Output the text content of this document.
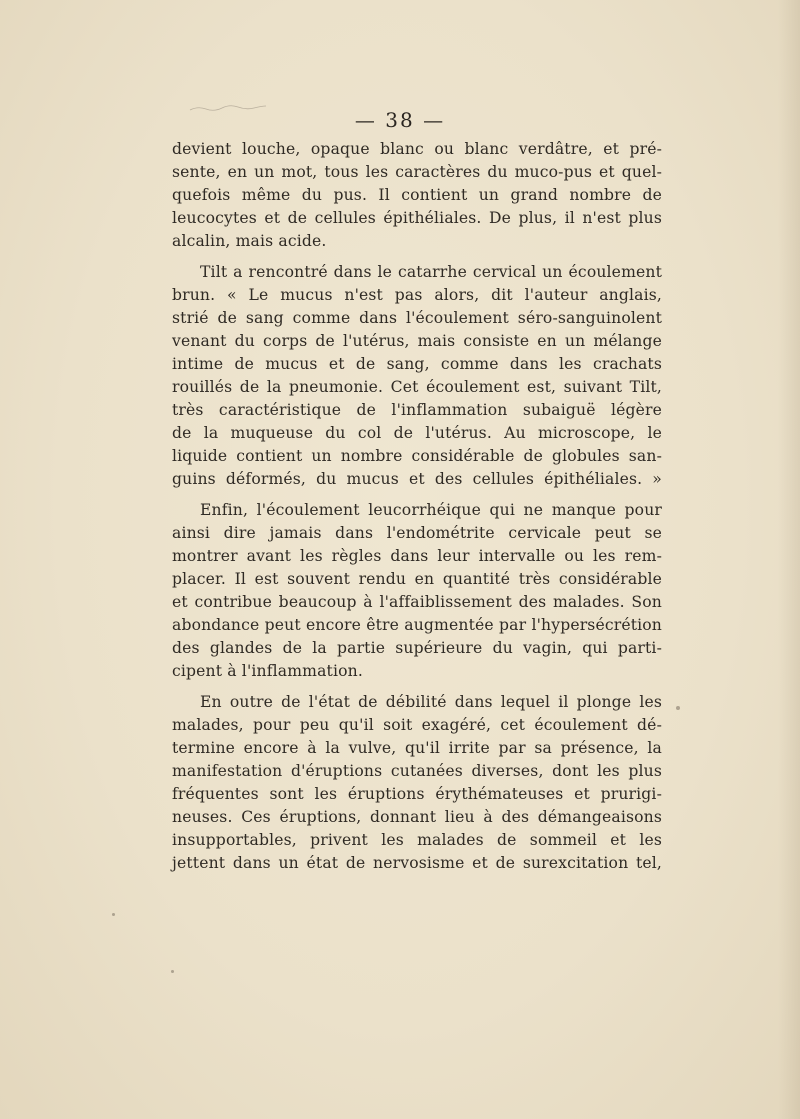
— 38 —
devient louche, opaque blanc ou blanc verdâtre, et pré-
sente, en un mot, tous les caractères du muco-pus et quel-
quefois même du pus. Il contient un grand nombre de
leucocytes et de cellules épithéliales. De plus, il n'est plus
alcalin, mais acide.
Tilt a rencontré dans le catarrhe cervical un écoulement
brun. « Le mucus n'est pas alors, dit l'auteur anglais,
strié de sang comme dans l'écoulement séro-sanguinolent
venant du corps de l'utérus, mais consiste en un mélange
intime de mucus et de sang, comme dans les crachats
rouillés de la pneumonie. Cet écoulement est, suivant Tilt,
très caractéristique de l'inflammation subaiguë légère
de la muqueuse du col de l'utérus. Au microscope, le
liquide contient un nombre considérable de globules san-
guins déformés, du mucus et des cellules épithéliales. »
Enfin, l'écoulement leucorrhéique qui ne manque pour
ainsi dire jamais dans l'endométrite cervicale peut se
montrer avant les règles dans leur intervalle ou les rem-
placer. Il est souvent rendu en quantité très considérable
et contribue beaucoup à l'affaiblissement des malades. Son
abondance peut encore être augmentée par l'hypersécrétion
des glandes de la partie supérieure du vagin, qui parti-
cipent à l'inflammation.
En outre de l'état de débilité dans lequel il plonge les
malades, pour peu qu'il soit exagéré, cet écoulement dé-
termine encore à la vulve, qu'il irrite par sa présence, la
manifestation d'éruptions cutanées diverses, dont les plus
fréquentes sont les éruptions érythémateuses et prurigi-
neuses. Ces éruptions, donnant lieu à des démangeaisons
insupportables, privent les malades de sommeil et les
jettent dans un état de nervosisme et de surexcitation tel,
